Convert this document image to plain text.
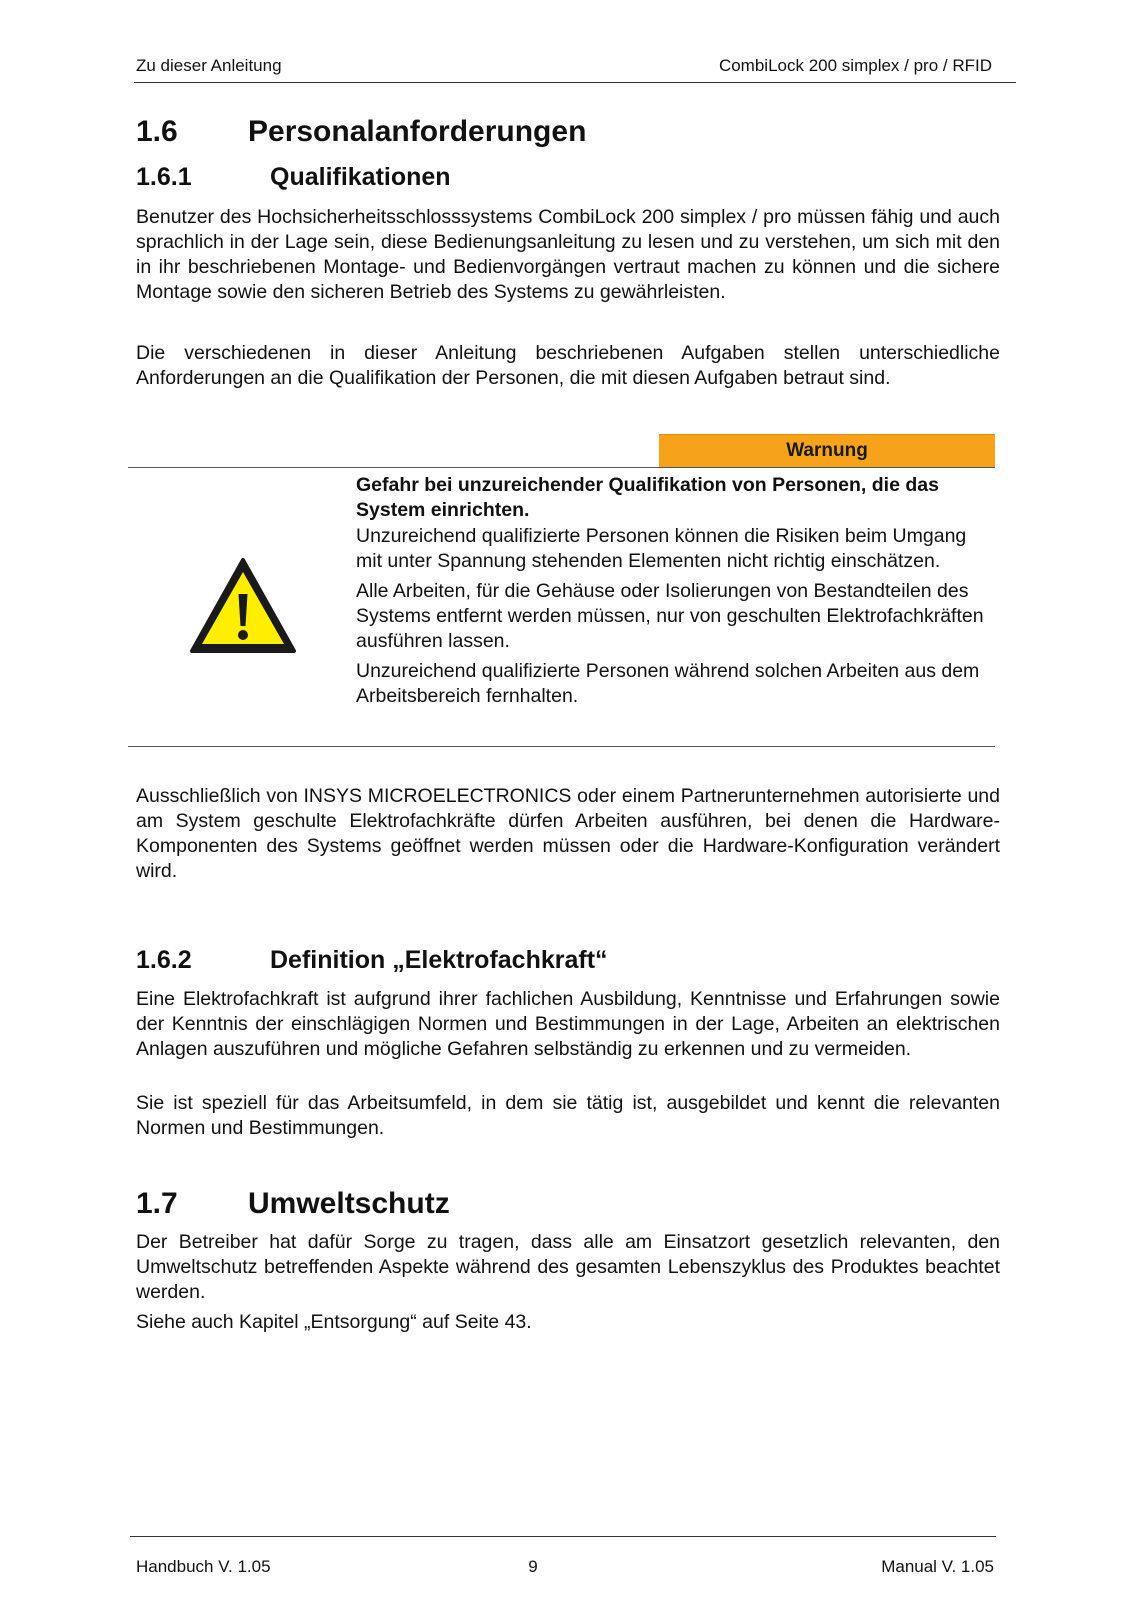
Zu dieser Anleitung	CombiLock 200 simplex / pro / RFID
1.6 Personalanforderungen
1.6.1	Qualifikationen

Benutzer des Hochsicherheitsschlosssystems CombiLock 200 simplex / pro müssen fähig und auch sprachlich in der Lage sein, diese Bedienungsanleitung zu lesen und zu verstehen, um sich mit den in ihr beschriebenen Montage- und Bedienvorgängen vertraut machen zu können und die sichere Montage sowie den sicheren Betrieb des Systems zu gewährleisten.

Die verschiedenen in dieser Anleitung beschriebenen Aufgaben stellen unterschiedliche Anforderungen an die Qualifikation der Personen, die mit diesen Aufgaben betraut sind.

Warnung

Gefahr bei unzureichender Qualifikation von Personen, die das System einrichten.

Unzureichend qualifizierte Personen können die Risiken beim Umgang mit unter Spannung stehenden Elementen nicht richtig einschätzen.

Alle Arbeiten, für die Gehäuse oder Isolierungen von Bestandteilen des Systems entfernt werden müssen, nur von geschulten Elektrofachkräften ausführen lassen.

Unzureichend qualifizierte Personen während solchen Arbeiten aus dem Arbeitsbereich fernhalten.

Ausschließlich von INSYS MICROELECTRONICS oder einem Partnerunternehmen autorisierte und am System geschulte Elektrofachkräfte dürfen Arbeiten ausführen, bei denen die Hardware-Komponenten des Systems geöffnet werden müssen oder die Hardware-Konfiguration verändert wird.

1.6.2	Definition „Elektrofachkraft“

Eine Elektrofachkraft ist aufgrund ihrer fachlichen Ausbildung, Kenntnisse und Erfahrungen sowie der Kenntnis der einschlägigen Normen und Bestimmungen in der Lage, Arbeiten an elektrischen Anlagen auszuführen und mögliche Gefahren selbständig zu erkennen und zu vermeiden.

Sie ist speziell für das Arbeitsumfeld, in dem sie tätig ist, ausgebildet und kennt die relevanten Normen und Bestimmungen.

1.7 Umweltschutz

Der Betreiber hat dafür Sorge zu tragen, dass alle am Einsatzort gesetzlich relevanten, den Umweltschutz betreffenden Aspekte während des gesamten Lebenszyklus des Produktes beachtet werden.

Siehe auch Kapitel „Entsorgung“ auf Seite 43.

Handbuch V. 1.05	9	Manual V. 1.05
